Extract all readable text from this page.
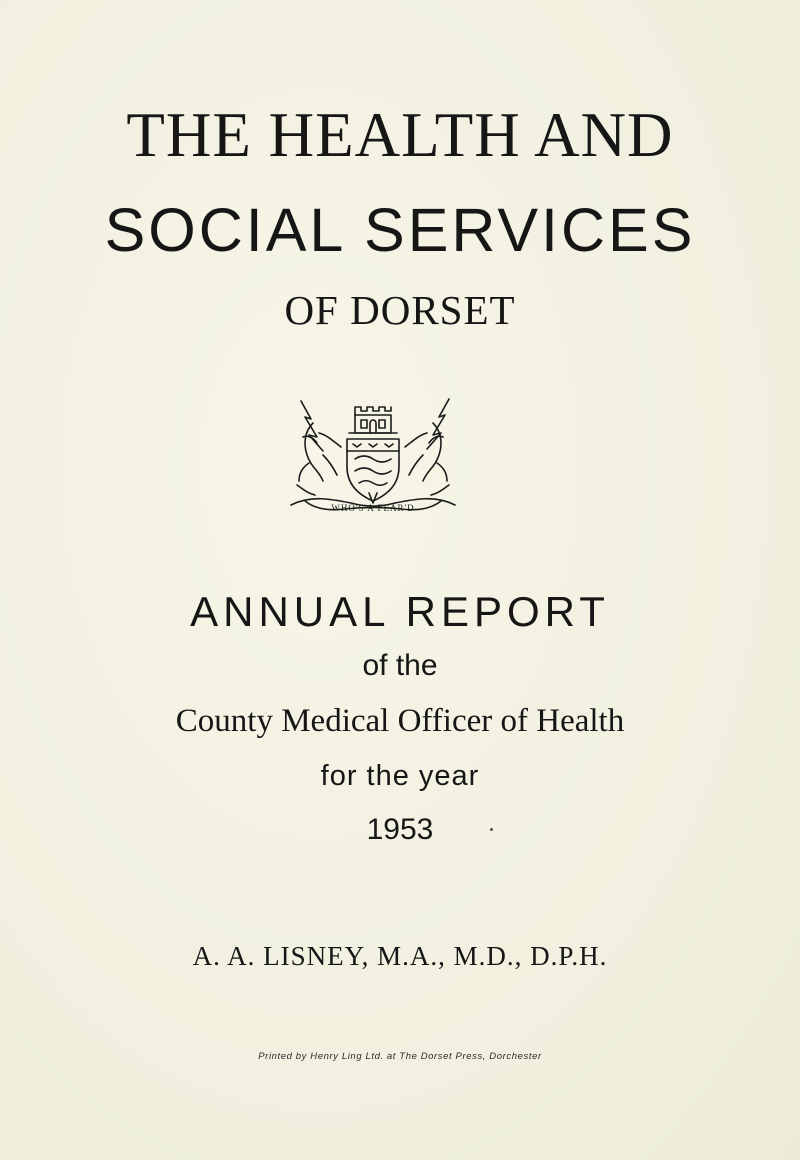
THE HEALTH AND
SOCIAL SERVICES
OF DORSET
WHO'S A FEAR'D
ANNUAL REPORT
of the
County Medical Officer of Health
for the year
1953
A. A. LISNEY, M.A., M.D., D.P.H.
Printed by Henry Ling Ltd. at The Dorset Press, Dorchester
